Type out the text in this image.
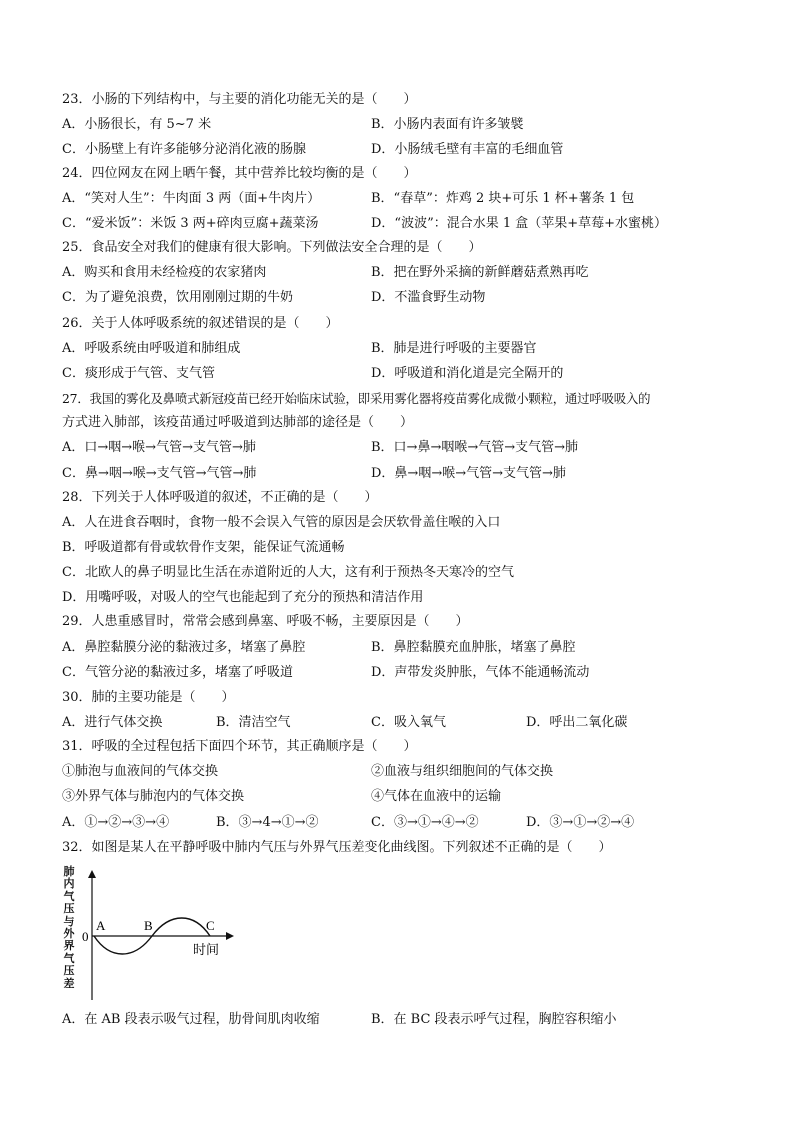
23．小肠的下列结构中，与主要的消化功能无关的是（　　）
A．小肠很长，有 5~7 米	B．小肠内表面有许多皱襞
C．小肠壁上有许多能够分泌消化液的肠腺	D．小肠绒毛壁有丰富的毛细血管
24．四位网友在网上晒午餐，其中营养比较均衡的是（　　）
A．“笑对人生”：牛肉面 3 两（面+牛肉片）	B．“春草”：炸鸡 2 块+可乐 1 杯+薯条 1 包
C．“爱米饭”：米饭 3 两+碎肉豆腐+蔬菜汤	D．“波波”：混合水果 1 盒（苹果+草莓+水蜜桃）
25．食品安全对我们的健康有很大影响。下列做法安全合理的是（　　）
A．购买和食用未经检疫的农家猪肉	B．把在野外采摘的新鲜蘑菇煮熟再吃
C．为了避免浪费，饮用刚刚过期的牛奶	D．不滥食野生动物
26．关于人体呼吸系统的叙述错误的是（　　）
A．呼吸系统由呼吸道和肺组成	B．肺是进行呼吸的主要器官
C．痰形成于气管、支气管	D．呼吸道和消化道是完全隔开的
27．我国的雾化及鼻喷式新冠疫苗已经开始临床试验，即采用雾化器将疫苗雾化成微小颗粒，通过呼吸吸入的
方式进入肺部，该疫苗通过呼吸道到达肺部的途径是（　　）
A．口→咽→喉→气管→支气管→肺	B．口→鼻→咽喉→气管→支气管→肺
C．鼻→咽→喉→支气管→气管→肺	D．鼻→咽→喉→气管→支气管→肺
28．下列关于人体呼吸道的叙述，不正确的是（　　）
A．人在进食吞咽时，食物一般不会误入气管的原因是会厌软骨盖住喉的入口
B．呼吸道都有骨或软骨作支架，能保证气流通畅
C．北欧人的鼻子明显比生活在赤道附近的人大，这有利于预热冬天寒冷的空气
D．用嘴呼吸，对吸人的空气也能起到了充分的预热和清洁作用
29．人患重感冒时，常常会感到鼻塞、呼吸不畅，主要原因是（　　）
A．鼻腔黏膜分泌的黏液过多，堵塞了鼻腔	B．鼻腔黏膜充血肿胀，堵塞了鼻腔
C．气管分泌的黏液过多，堵塞了呼吸道	D．声带发炎肿胀，气体不能通畅流动
30．肺的主要功能是（　　）
A．进行气体交换	B．清洁空气	C．吸入氧气	D．呼出二氧化碳
31．呼吸的全过程包括下面四个环节，其正确顺序是（　　）
①肺泡与血液间的气体交换	②血液与组织细胞间的气体交换
③外界气体与肺泡内的气体交换	④气体在血液中的运输
A．①→②→③→④	B．③→4→①→②	C．③→①→④→②	D．③→①→②→④
32．如图是某人在平静呼吸中肺内气压与外界气压差变化曲线图。下列叙述不正确的是（　　）
肺
内
气
压
与
外
界
气
压
差
0
A	B	C
时间
A．在 AB 段表示吸气过程，肋骨间肌肉收缩	B．在 BC 段表示呼气过程，胸腔容积缩小
